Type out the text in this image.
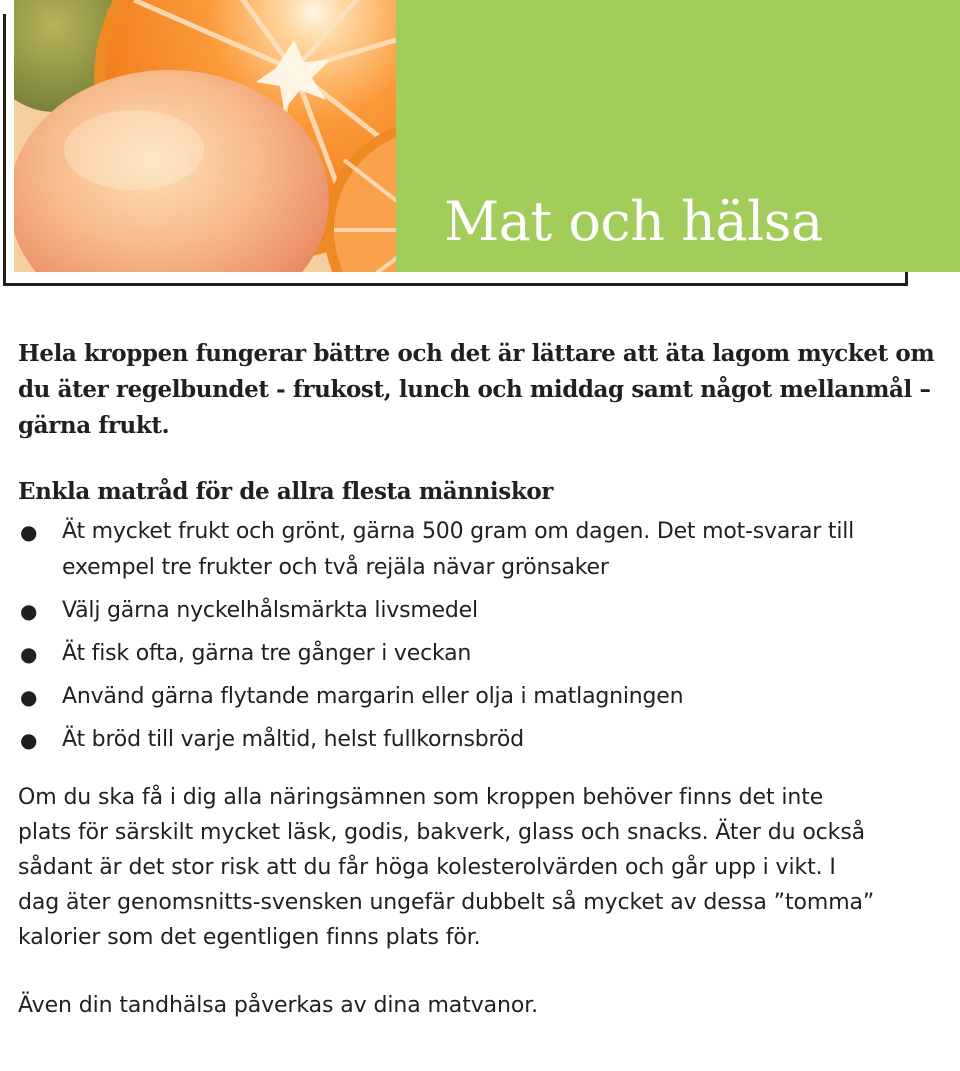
Mat och hälsa

Hela kroppen fungerar bättre och det är lättare att äta lagom mycket om du äter regelbundet - frukost, lunch och middag samt något mellanmål – gärna frukt.

Enkla matråd för de allra flesta människor
● Ät mycket frukt och grönt, gärna 500 gram om dagen. Det mot-svarar till exempel tre frukter och två rejäla nävar grönsaker
● Välj gärna nyckelhålsmärkta livsmedel
● Ät fisk ofta, gärna tre gånger i veckan
● Använd gärna flytande margarin eller olja i matlagningen
● Ät bröd till varje måltid, helst fullkornsbröd

Om du ska få i dig alla näringsämnen som kroppen behöver finns det inte plats för särskilt mycket läsk, godis, bakverk, glass och snacks. Äter du också sådant är det stor risk att du får höga kolesterolvärden och går upp i vikt. I dag äter genomsnitts-svensken ungefär dubbelt så mycket av dessa ”tomma” kalorier som det egentligen finns plats för.

Även din tandhälsa påverkas av dina matvanor.
